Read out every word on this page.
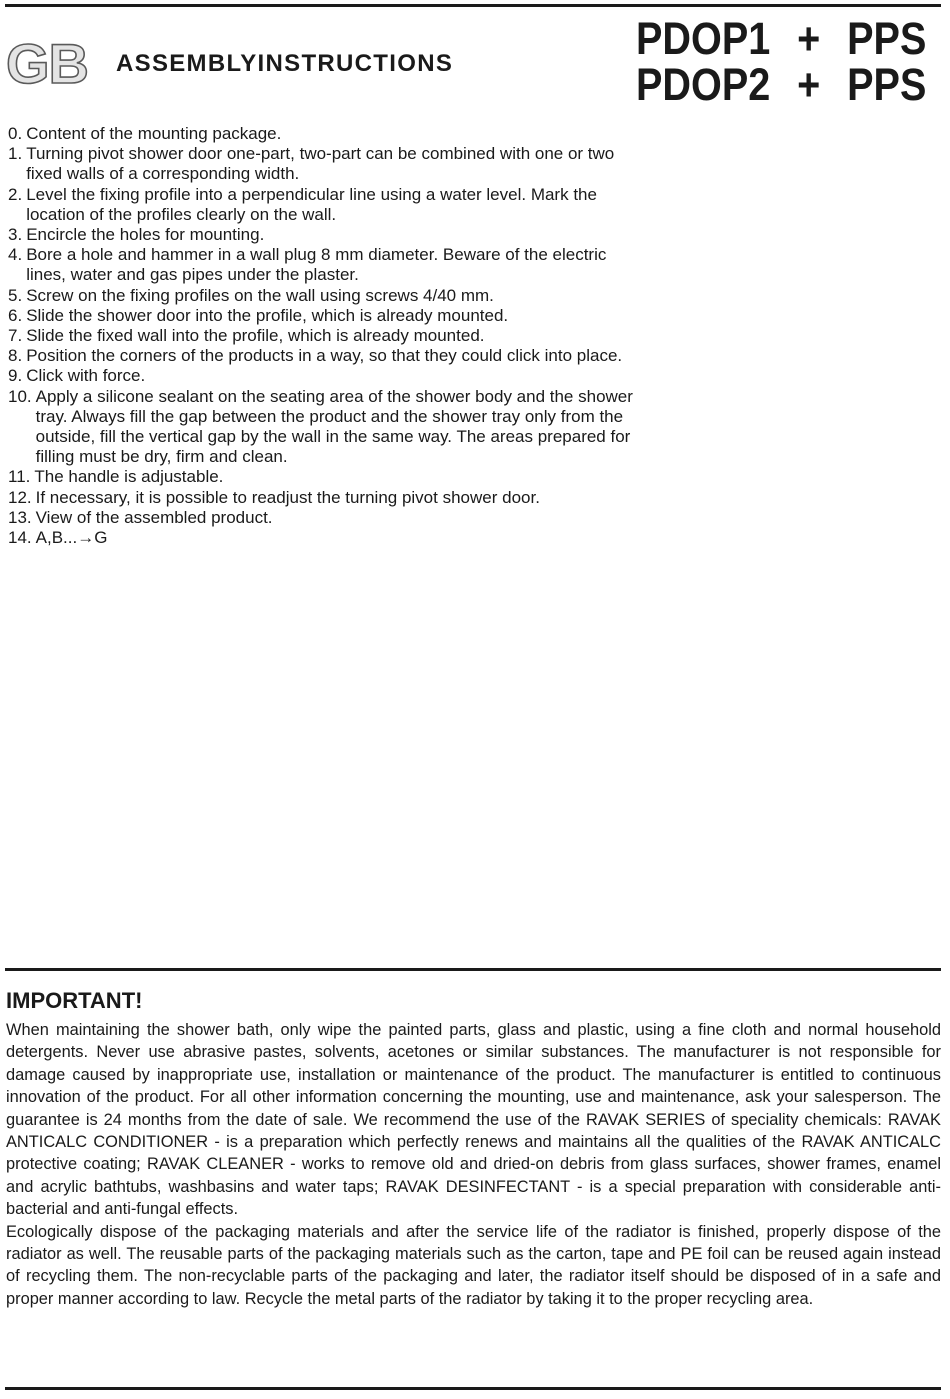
GB ASSEMBLYINSTRUCTIONS	PDOP1 + PPS
PDOP2 + PPS
0. Content of the mounting package.
1. Turning pivot shower door one-part, two-part can be combined with one or two
fixed walls of a corresponding width.
2. Level the fixing profile into a perpendicular line using a water level. Mark the
location of the profiles clearly on the wall.
3. Encircle the holes for mounting.
4. Bore a hole and hammer in a wall plug 8 mm diameter. Beware of the electric
lines, water and gas pipes under the plaster.
5. Screw on the fixing profiles on the wall using screws 4/40 mm.
6. Slide the shower door into the profile, which is already mounted.
7. Slide the fixed wall into the profile, which is already mounted.
8. Position the corners of the products in a way, so that they could click into place.
9. Click with force.
10. Apply a silicone sealant on the seating area of the shower body and the shower
tray. Always fill the gap between the product and the shower tray only from the
outside, fill the vertical gap by the wall in the same way. The areas prepared for
filling must be dry, firm and clean.
11. The handle is adjustable.
12. If necessary, it is possible to readjust the turning pivot shower door.
13. View of the assembled product.
14. A,B...→G
IMPORTANT!

When maintaining the shower bath, only wipe the painted parts, glass and plastic, using a fine cloth and normal household detergents. Never use abrasive pastes, solvents, acetones or similar substances. The manufacturer is not responsible for damage caused by inappropriate use, installation or maintenance of the product. The manufacturer is entitled to continuous innovation of the product. For all other information concerning the mounting, use and maintenance, ask your salesperson. The guarantee is 24 months from the date of sale. We recommend the use of the RAVAK SERIES of speciality chemicals: RAVAK ANTICALC CONDITIONER - is a preparation which perfectly renews and maintains all the qualities of the RAVAK ANTICALC protective coating; RAVAK CLEANER - works to remove old and dried-on debris from glass surfaces, shower frames, enamel and acrylic bathtubs, washbasins and water taps; RAVAK DESINFECTANT - is a special preparation with considerable anti-bacterial and anti-fungal effects.

Ecologically dispose of the packaging materials and after the service life of the radiator is finished, properly dispose of the radiator as well. The reusable parts of the packaging materials such as the carton, tape and PE foil can be reused again instead of recycling them. The non-recyclable parts of the packaging and later, the radiator itself should be disposed of in a safe and proper manner according to law. Recycle the metal parts of the radiator by taking it to the proper recycling area.
